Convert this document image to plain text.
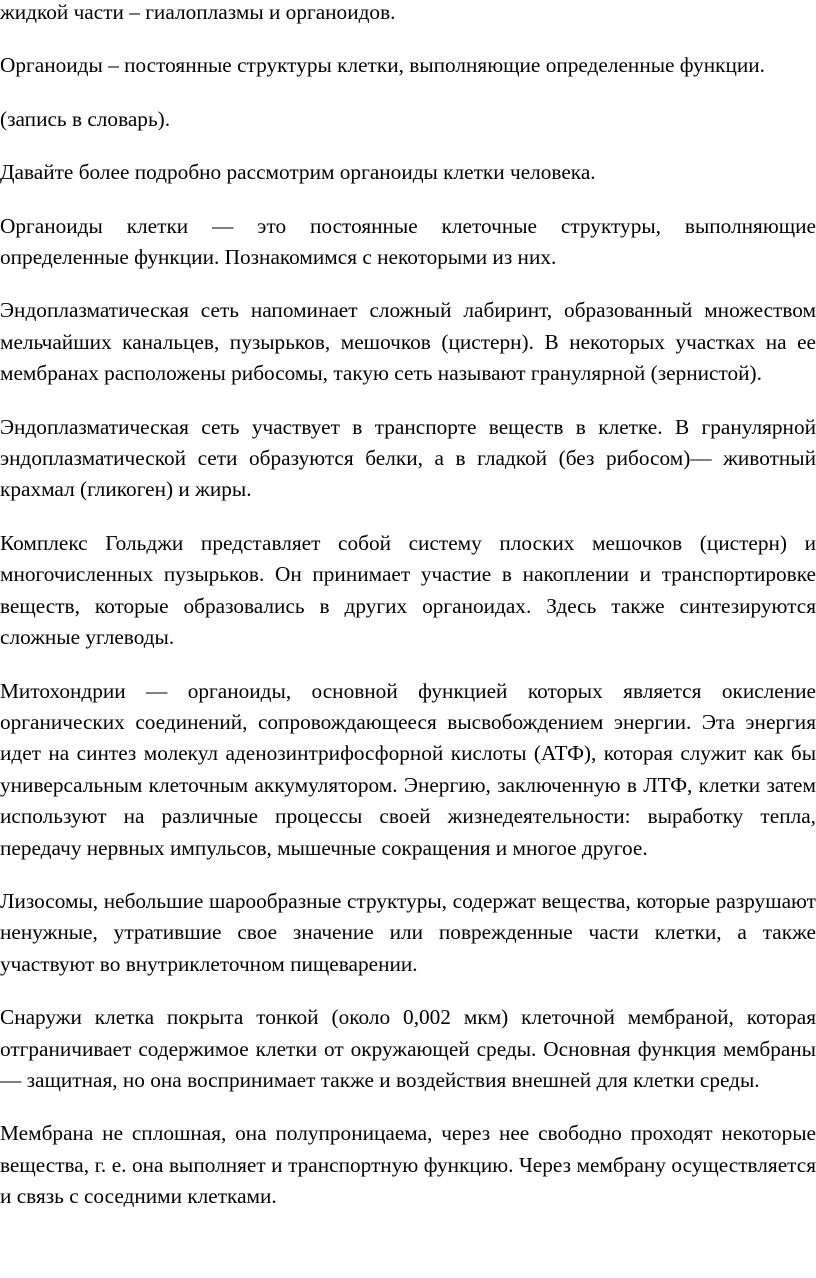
жидкой части – гиалоплазмы и органоидов.

Органоиды – постоянные структуры клетки, выполняющие определенные функции.

(запись в словарь).

Давайте более подробно рассмотрим органоиды клетки человека.

Органоиды клетки — это постоянные клеточные структуры, выполняющие определенные функции. Познакомимся с некоторыми из них.

Эндоплазматическая сеть напоминает сложный лабиринт, образованный множеством мельчайших канальцев, пузырьков, мешочков (цистерн). В некоторых участках на ее мембранах расположены рибосомы, такую сеть называют гранулярной (зернистой).

Эндоплазматическая сеть участвует в транспорте веществ в клетке. В гранулярной эндоплазматической сети образуются белки, а в гладкой (без рибосом)— животный крахмал (гликоген) и жиры.

Комплекс Гольджи представляет собой систему плоских мешочков (цистерн) и многочисленных пузырьков. Он принимает участие в накоплении и транспортировке веществ, которые образовались в других органоидах. Здесь также синтезируются сложные углеводы.

Митохондрии — органоиды, основной функцией которых является окисление органических соединений, сопровождающееся высвобождением энергии. Эта энергия идет на синтез молекул аденозинтрифосфорной кислоты (АТФ), которая служит как бы универсальным клеточным аккумулятором. Энергию, заключенную в ЛТФ, клетки затем используют на различные процессы своей жизнедеятельности: выработку тепла, передачу нервных импульсов, мышечные сокращения и многое другое.

Лизосомы, небольшие шарообразные структуры, содержат вещества, которые разрушают ненужные, утратившие свое значение или поврежденные части клетки, а также участвуют во внутриклеточном пищеварении.

Снаружи клетка покрыта тонкой (около 0,002 мкм) клеточной мембраной, которая отграничивает содержимое клетки от окружающей среды. Основная функция мембраны — защитная, но она воспринимает также и воздействия внешней для клетки среды.

Мембрана не сплошная, она полупроницаема, через нее свободно проходят некоторые вещества, г. е. она выполняет и транспортную функцию. Через мембрану осуществляется и связь с соседними клетками.
